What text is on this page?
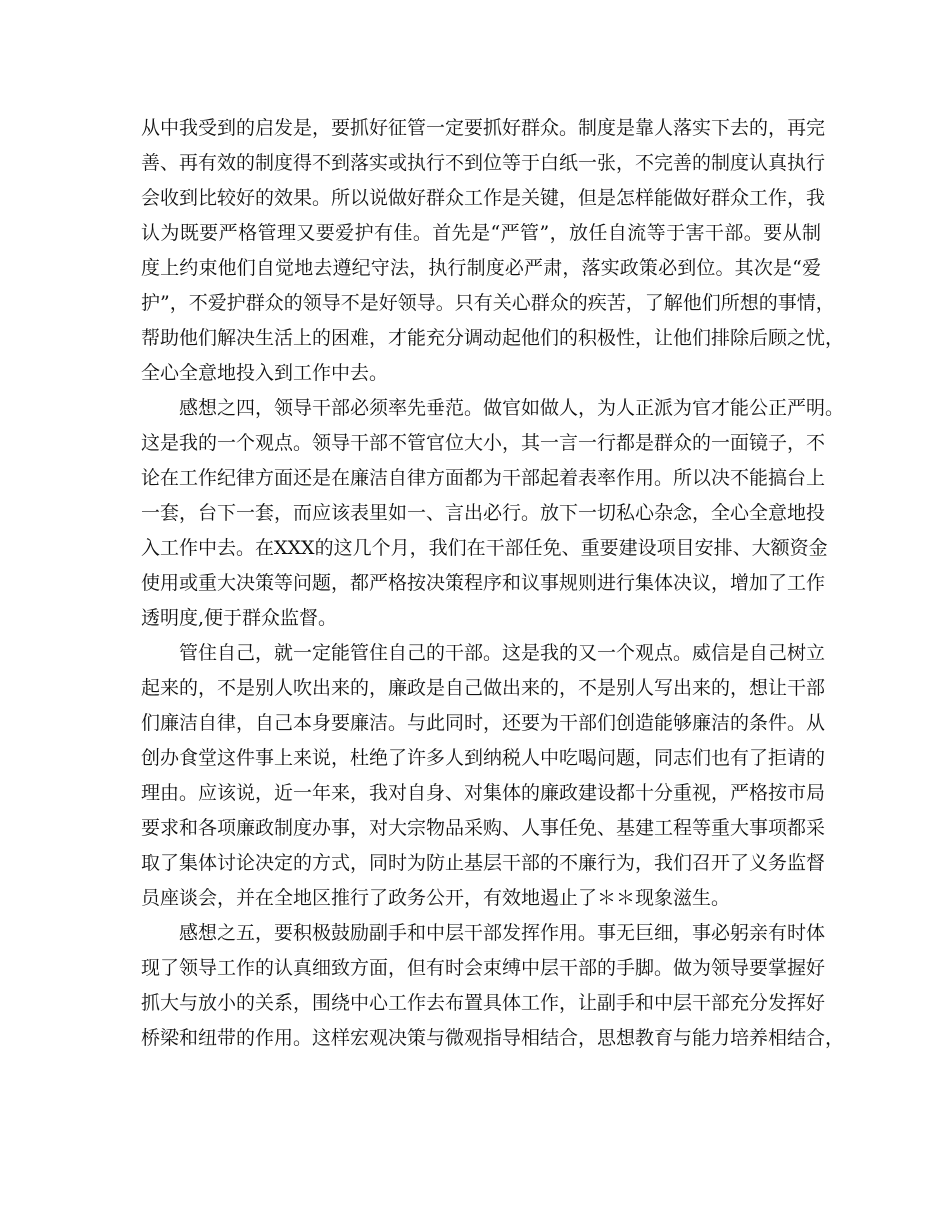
从中我受到的启发是，要抓好征管一定要抓好群众。制度是靠人落实下去的，再完
善、再有效的制度得不到落实或执行不到位等于白纸一张，不完善的制度认真执行
会收到比较好的效果。所以说做好群众工作是关键，但是怎样能做好群众工作，我
认为既要严格管理又要爱护有佳。首先是“严管”，放任自流等于害干部。要从制
度上约束他们自觉地去遵纪守法，执行制度必严肃，落实政策必到位。其次是“爱
护”，不爱护群众的领导不是好领导。只有关心群众的疾苦，了解他们所想的事情，
帮助他们解决生活上的困难，才能充分调动起他们的积极性，让他们排除后顾之忧，
全心全意地投入到工作中去。
感想之四，领导干部必须率先垂范。做官如做人，为人正派为官才能公正严明。
这是我的一个观点。领导干部不管官位大小，其一言一行都是群众的一面镜子，不
论在工作纪律方面还是在廉洁自律方面都为干部起着表率作用。所以决不能搞台上
一套，台下一套，而应该表里如一、言出必行。放下一切私心杂念，全心全意地投
入工作中去。在XXX的这几个月，我们在干部任免、重要建设项目安排、大额资金
使用或重大决策等问题，都严格按决策程序和议事规则进行集体决议，增加了工作
透明度,便于群众监督。
管住自己，就一定能管住自己的干部。这是我的又一个观点。威信是自己树立
起来的，不是别人吹出来的，廉政是自己做出来的，不是别人写出来的，想让干部
们廉洁自律，自己本身要廉洁。与此同时，还要为干部们创造能够廉洁的条件。从
创办食堂这件事上来说，杜绝了许多人到纳税人中吃喝问题，同志们也有了拒请的
理由。应该说，近一年来，我对自身、对集体的廉政建设都十分重视，严格按市局
要求和各项廉政制度办事，对大宗物品采购、人事任免、基建工程等重大事项都采
取了集体讨论决定的方式，同时为防止基层干部的不廉行为，我们召开了义务监督
员座谈会，并在全地区推行了政务公开，有效地遏止了＊＊现象滋生。
感想之五，要积极鼓励副手和中层干部发挥作用。事无巨细，事必躬亲有时体
现了领导工作的认真细致方面，但有时会束缚中层干部的手脚。做为领导要掌握好
抓大与放小的关系，围绕中心工作去布置具体工作，让副手和中层干部充分发挥好
桥梁和纽带的作用。这样宏观决策与微观指导相结合，思想教育与能力培养相结合，
